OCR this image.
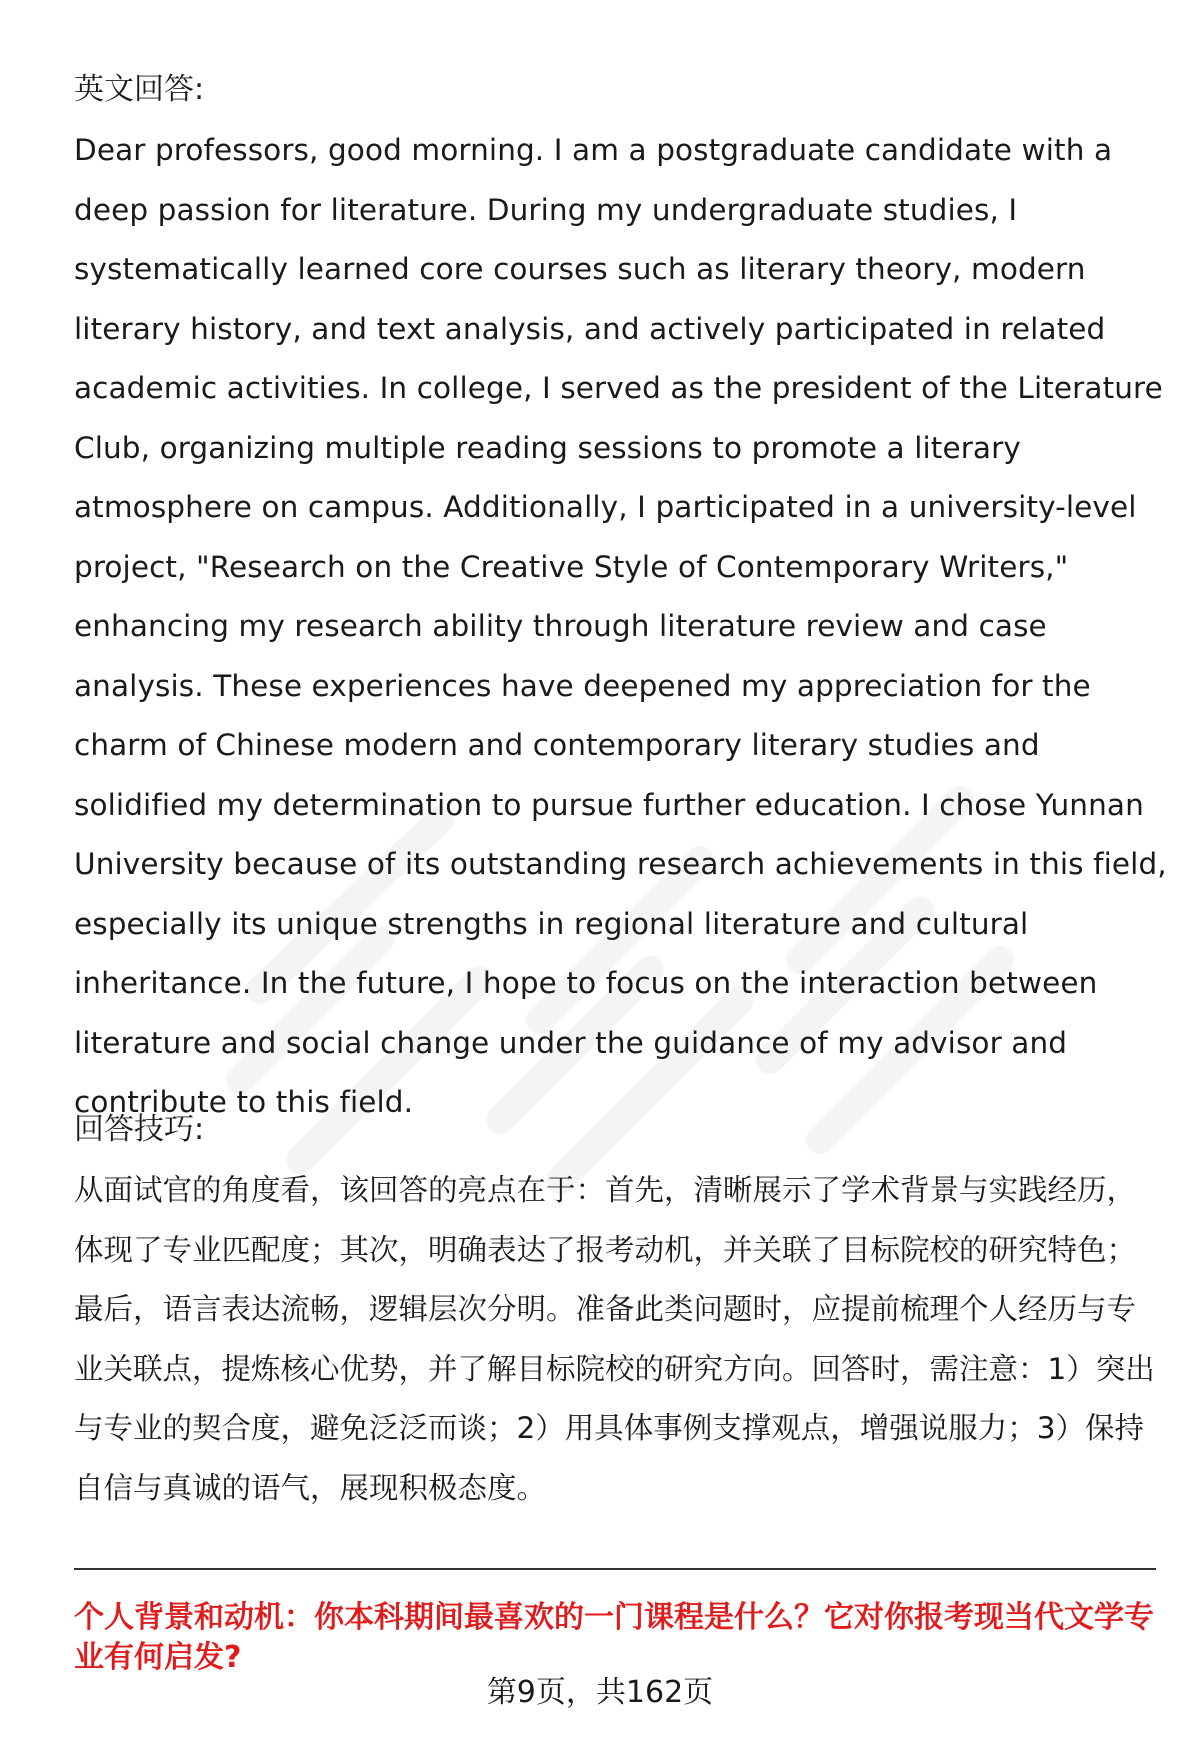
英文回答:
Dear professors, good morning. I am a postgraduate candidate with a deep passion for literature. During my undergraduate studies, I systematically learned core courses such as literary theory, modern literary history, and text analysis, and actively participated in related academic activities. In college, I served as the president of the Literature Club, organizing multiple reading sessions to promote a literary atmosphere on campus. Additionally, I participated in a university-level project, "Research on the Creative Style of Contemporary Writers," enhancing my research ability through literature review and case analysis. These experiences have deepened my appreciation for the charm of Chinese modern and contemporary literary studies and solidified my determination to pursue further education. I chose Yunnan University because of its outstanding research achievements in this field, especially its unique strengths in regional literature and cultural inheritance. In the future, I hope to focus on the interaction between literature and social change under the guidance of my advisor and contribute to this field.
回答技巧:
从面试官的角度看，该回答的亮点在于：首先，清晰展示了学术背景与实践经历，体现了专业匹配度；其次，明确表达了报考动机，并关联了目标院校的研究特色；最后，语言表达流畅，逻辑层次分明。准备此类问题时，应提前梳理个人经历与专业关联点，提炼核心优势，并了解目标院校的研究方向。回答时，需注意：1）突出与专业的契合度，避免泛泛而谈；2）用具体事例支撑观点，增强说服力；3）保持自信与真诚的语气，展现积极态度。
个人背景和动机：你本科期间最喜欢的一门课程是什么？它对你报考现当代文学专业有何启发?
第9页，共162页
